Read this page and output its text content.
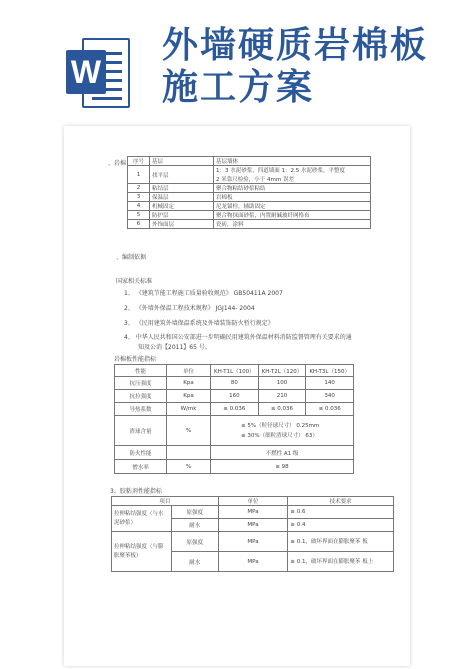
W
外墙硬质岩棉板施工方案
、岩棉 序号	基层	基层墙体
1	找平层	1：3 水泥砂浆，四道墙面 1：2.5 水泥砂浆，平整度
		2 米靠尺检验，小于 4mm 误差
2	粘结层	聚合物粘结砂浆粘结
3	保温层	岩棉板
4	机械固定	尼龙锚栓，辅助固定
5	防护层	聚合物抹面砂浆，内置耐碱玻纤网格布
6	外饰面层	瓷砖，涂料
、编制依据
国家相关标准
1、 《建筑节能工程施工质量验收规范》 GB50411A 2007
2、 《外墙外保温工程技术规程》 JGJ144- 2004
3、 《民用建筑外墙保温系统及外墙装饰防火暂行规定》
4、 中华人民共和国公安部进一步明确民用建筑外保温材料消防监督管理有关要求的通
知及公消【2011】65 号。
岩棉板性能指标
性能	单位	KH-T1L（100）	KH-T2L（120）	KH-T3L（150）
抗压强度	Kpa	80	100	140
抗拉强度	Kpa	160	210	340
导热系数	W/mk	≤ 0.036	≤ 0.036	≤ 0.036
渣球含量	%	≤ 5%（粒径球尺寸） 0.25mm
≤ 30%（细粒渣球尺寸） 63）		

防火性能		不燃性 A1 级		
憎水率	%	≥ 98		
3、胶粘剂性能指标
项目		单位	技术要求
拉伸粘结强度（与水泥砂浆）	原强度	MPa	≥ 0.6
	耐水	MPa	≥ 0.4
拉伸粘结强度（与膨胀聚苯板）	原强度	MPa	≥ 0.1，破坏界面在膨胀聚苯 板
	耐水	MPa	≥ 0.1，破坏界面在膨胀聚苯 板上
